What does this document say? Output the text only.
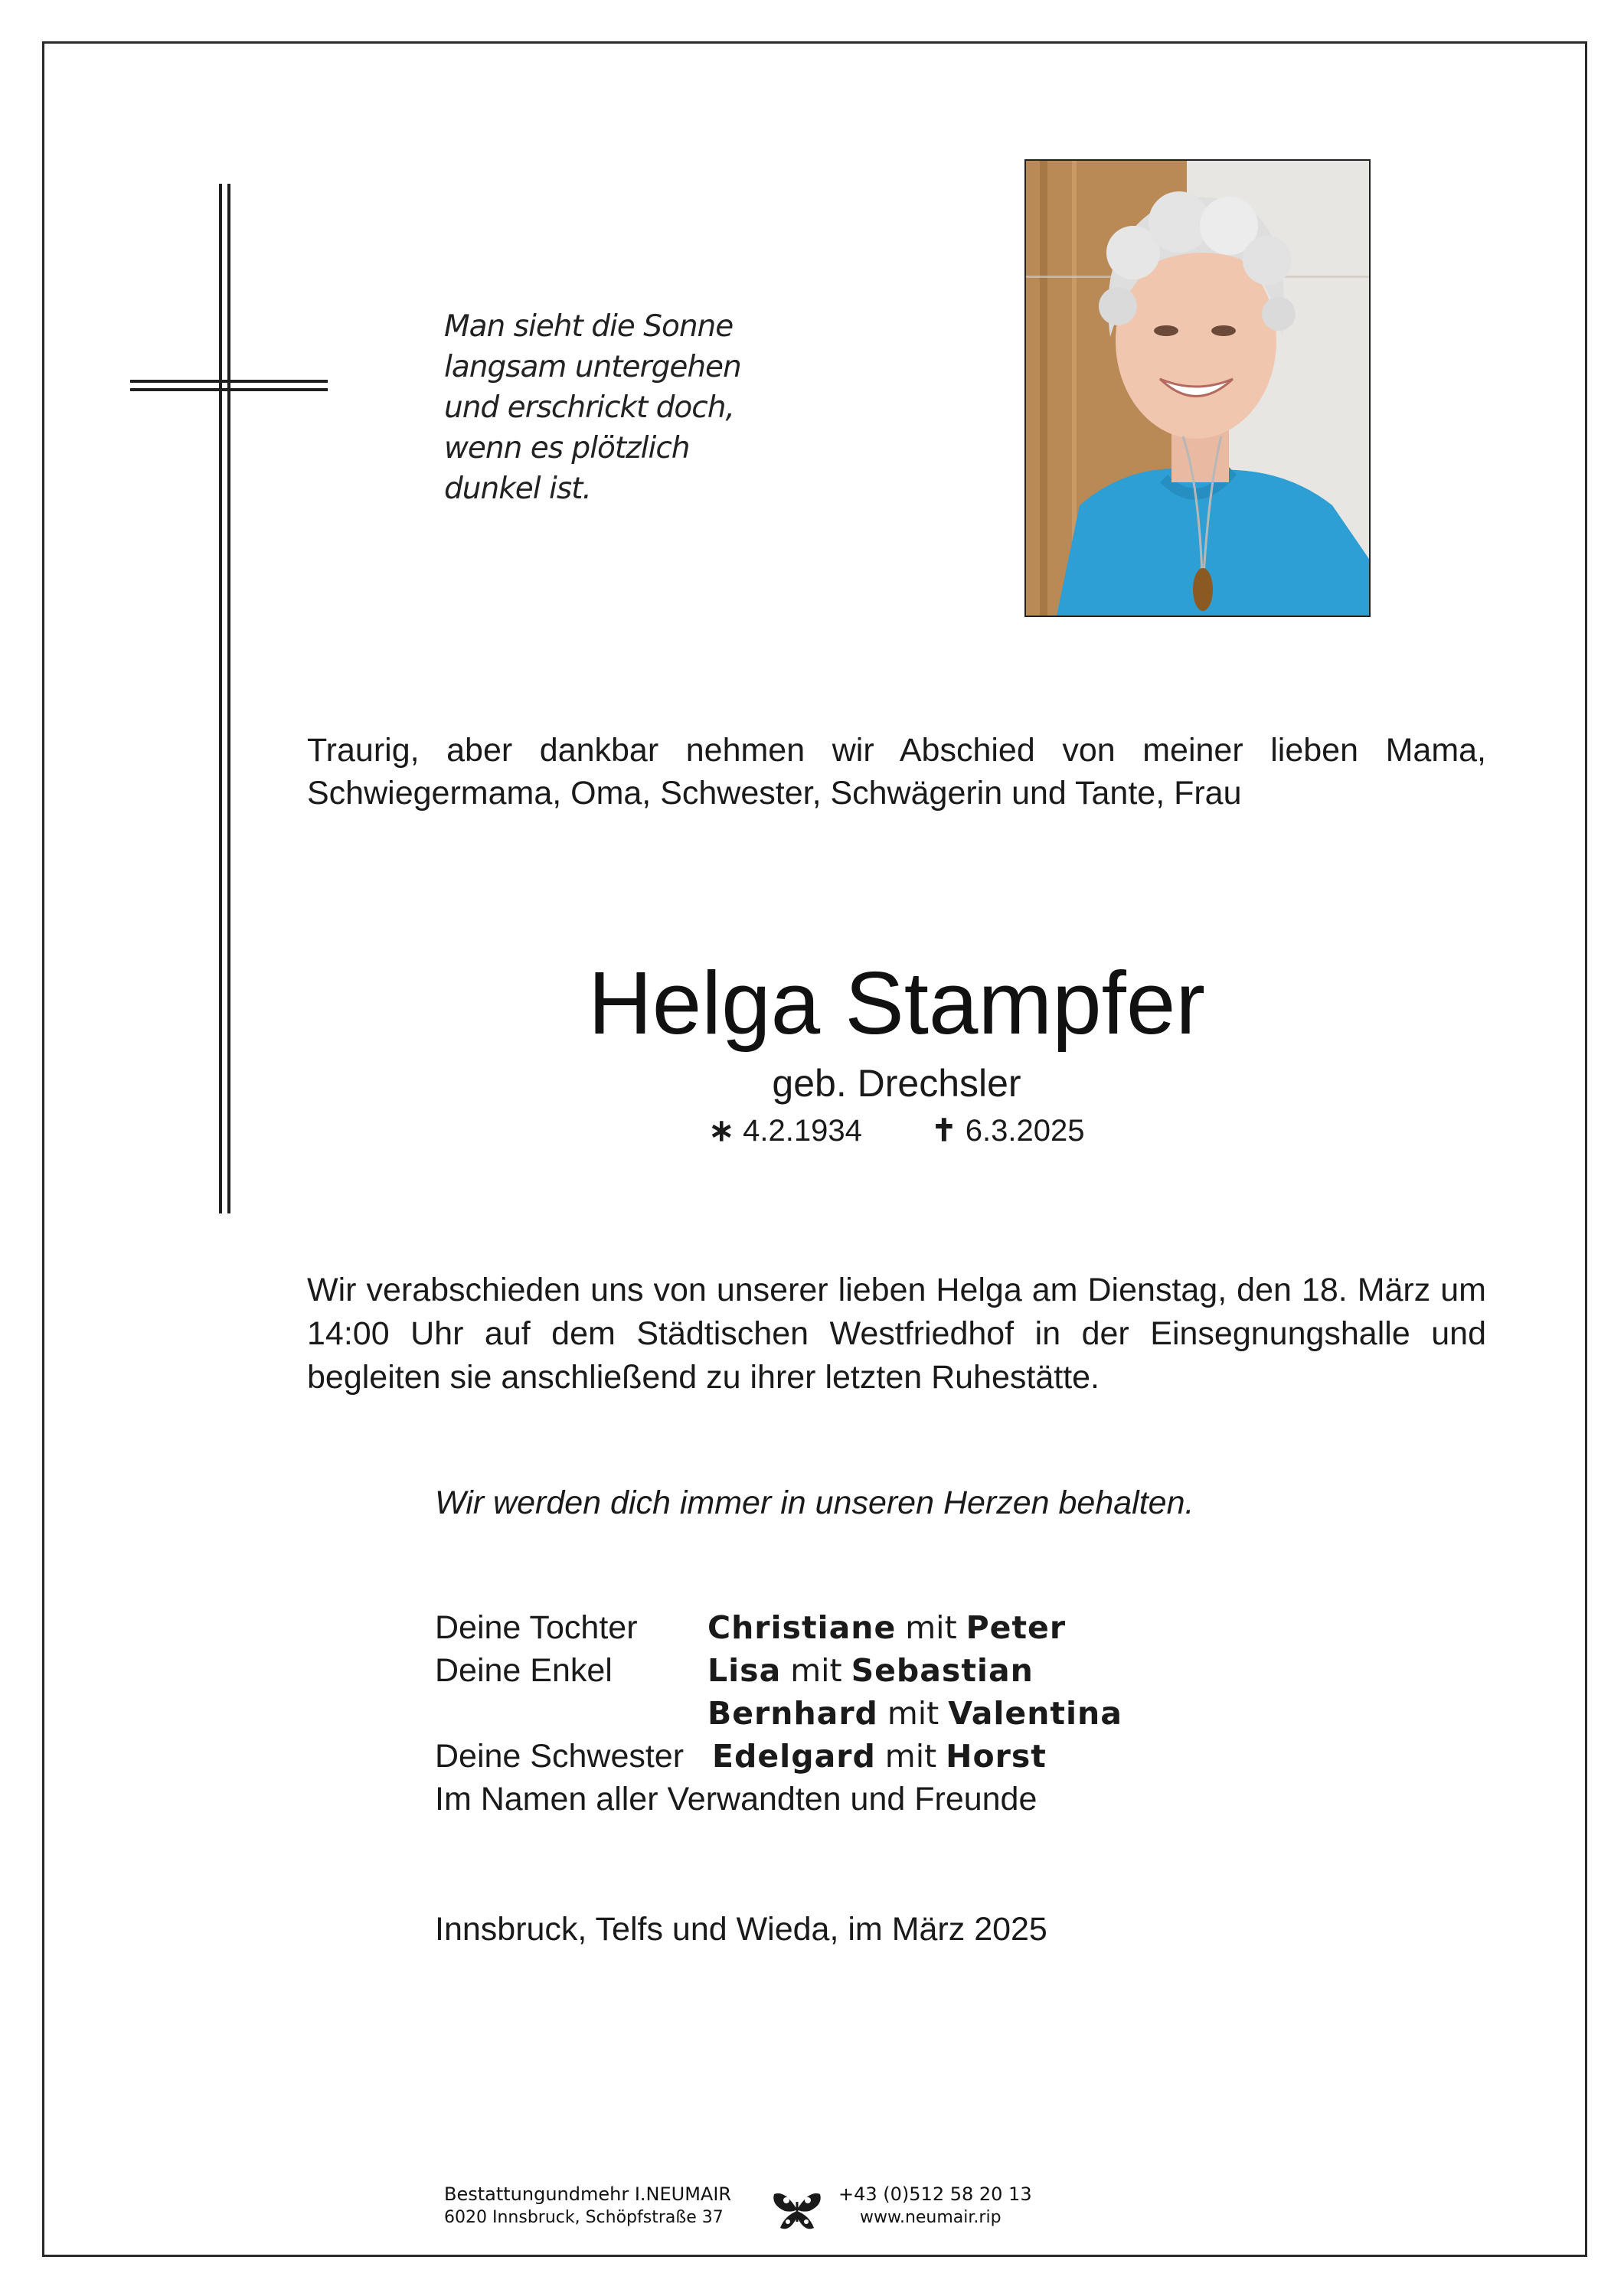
Man sieht die Sonne
langsam untergehen
und erschrickt doch,
wenn es plötzlich
dunkel ist.
Traurig, aber dankbar nehmen wir Abschied von meiner lieben Mama, Schwiegermama, Oma, Schwester, Schwägerin und Tante, Frau
Helga Stampfer
geb. Drechsler
∗ 4.2.1934 ✝ 6.3.2025
Wir verabschieden uns von unserer lieben Helga am Dienstag, den 18. März um 14:00 Uhr auf dem Städtischen Westfriedhof in der Einsegnungshalle und begleiten sie anschließend zu ihrer letzten Ruhestätte.
Wir werden dich immer in unseren Herzen behalten.
Deine Tochter Christiane mit Peter
Deine Enkel	Lisa mit Sebastian
Bernhard mit Valentina
Deine Schwester Edelgard mit Horst
Im Namen aller Verwandten und Freunde
Innsbruck, Telfs und Wieda, im März 2025
Bestattungundmehr I.NEUMAIR
6020 Innsbruck, Schöpfstraße 37
+43 (0)512 58 20 13
www.neumair.rip
